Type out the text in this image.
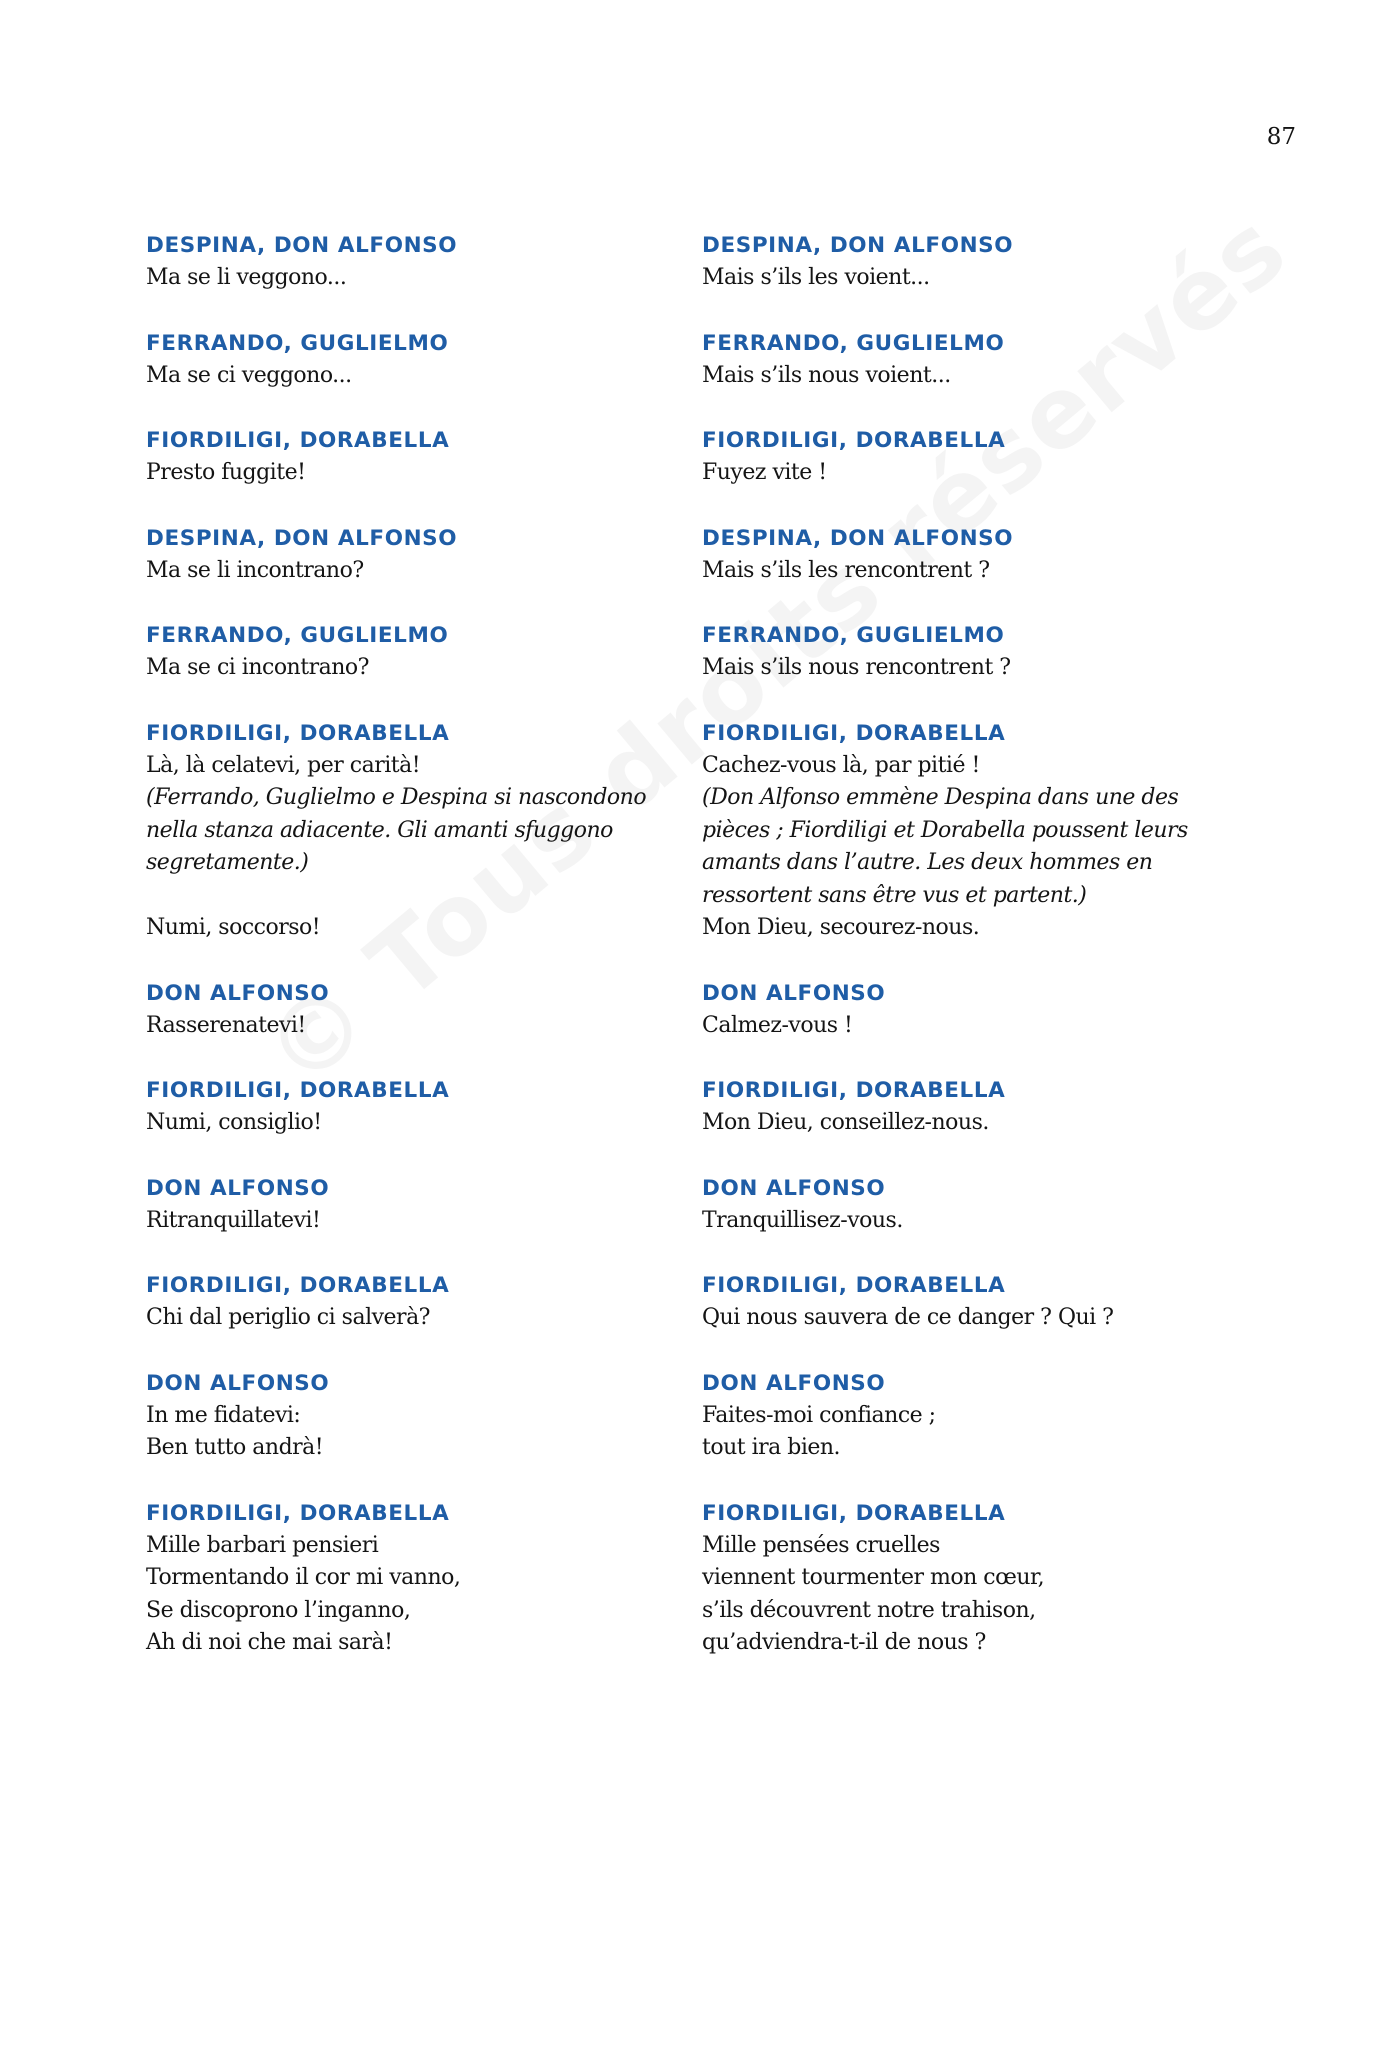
87
DESPINA, DON ALFONSO
Ma se li veggono...
FERRANDO, GUGLIELMO
Ma se ci veggono...
FIORDILIGI, DORABELLA
Presto fuggite!
DESPINA, DON ALFONSO
Ma se li incontrano?
FERRANDO, GUGLIELMO
Ma se ci incontrano?
FIORDILIGI, DORABELLA
Là, là celatevi, per carità!
(Ferrando, Guglielmo e Despina si nascondono
nella stanza adiacente. Gli amanti sfuggono
segretamente.)
Numi, soccorso!
DON ALFONSO
Rasserenatevi!
FIORDILIGI, DORABELLA
Numi, consiglio!
DON ALFONSO
Ritranquillatevi!
FIORDILIGI, DORABELLA
Chi dal periglio ci salverà?
DON ALFONSO
In me fidatevi:
Ben tutto andrà!
FIORDILIGI, DORABELLA
Mille barbari pensieri
Tormentando il cor mi vanno,
Se discoprono l’inganno,
Ah di noi che mai sarà!
DESPINA, DON ALFONSO
Mais s’ils les voient...
FERRANDO, GUGLIELMO
Mais s’ils nous voient...
FIORDILIGI, DORABELLA
Fuyez vite !
DESPINA, DON ALFONSO
Mais s’ils les rencontrent ?
FERRANDO, GUGLIELMO
Mais s’ils nous rencontrent ?
FIORDILIGI, DORABELLA
Cachez-vous là, par pitié !
(Don Alfonso emmène Despina dans une des
pièces ; Fiordiligi et Dorabella poussent leurs
amants dans l’autre. Les deux hommes en
ressortent sans être vus et partent.)
Mon Dieu, secourez-nous.
DON ALFONSO
Calmez-vous !
FIORDILIGI, DORABELLA
Mon Dieu, conseillez-nous.
DON ALFONSO
Tranquillisez-vous.
FIORDILIGI, DORABELLA
Qui nous sauvera de ce danger ? Qui ?
DON ALFONSO
Faites-moi confiance ;
tout ira bien.
FIORDILIGI, DORABELLA
Mille pensées cruelles
viennent tourmenter mon cœur,
s’ils découvrent notre trahison,
qu’adviendra-t-il de nous ?
